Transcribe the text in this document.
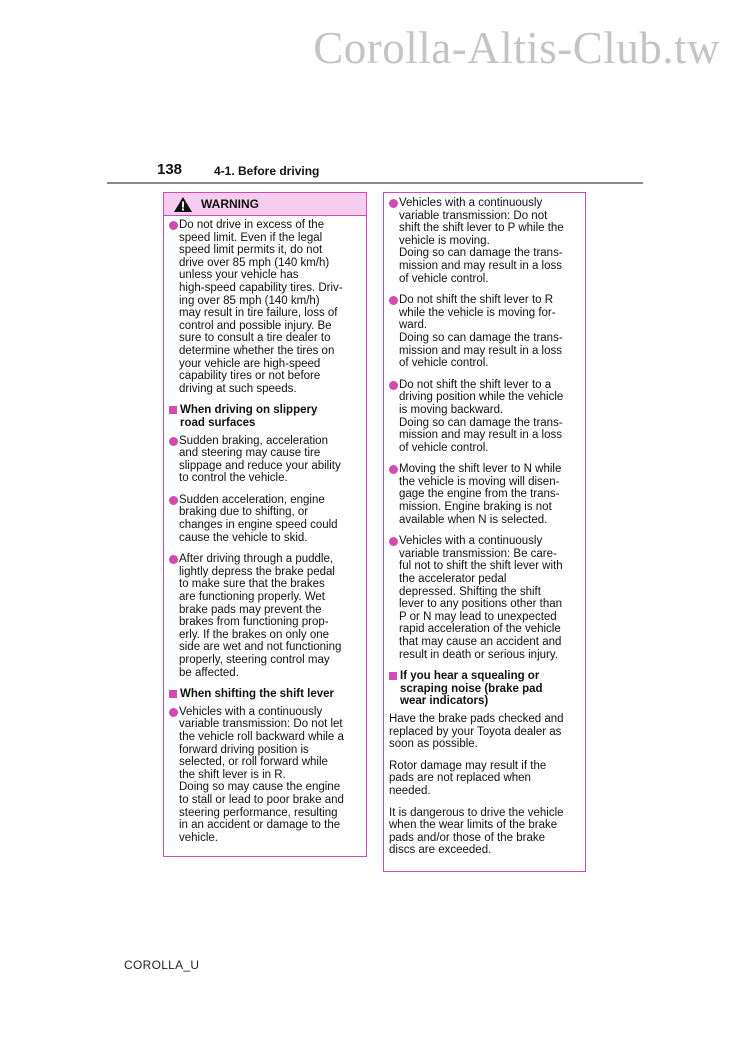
Corolla-Altis-Club.tw
138	4-1. Before driving
WARNING
Do not drive in excess of the
speed limit. Even if the legal
speed limit permits it, do not
drive over 85 mph (140 km/h)
unless your vehicle has
high-speed capability tires. Driv-
ing over 85 mph (140 km/h)
may result in tire failure, loss of
control and possible injury. Be
sure to consult a tire dealer to
determine whether the tires on
your vehicle are high-speed
capability tires or not before
driving at such speeds.
When driving on slippery
road surfaces
Sudden braking, acceleration
and steering may cause tire
slippage and reduce your ability
to control the vehicle.
Sudden acceleration, engine
braking due to shifting, or
changes in engine speed could
cause the vehicle to skid.
After driving through a puddle,
lightly depress the brake pedal
to make sure that the brakes
are functioning properly. Wet
brake pads may prevent the
brakes from functioning prop-
erly. If the brakes on only one
side are wet and not functioning
properly, steering control may
be affected.
When shifting the shift lever
Vehicles with a continuously
variable transmission: Do not let
the vehicle roll backward while a
forward driving position is
selected, or roll forward while
the shift lever is in R.
Doing so may cause the engine
to stall or lead to poor brake and
steering performance, resulting
in an accident or damage to the
vehicle.
Vehicles with a continuously
variable transmission: Do not
shift the shift lever to P while the
vehicle is moving.
Doing so can damage the trans-
mission and may result in a loss
of vehicle control.
Do not shift the shift lever to R
while the vehicle is moving for-
ward.
Doing so can damage the trans-
mission and may result in a loss
of vehicle control.
Do not shift the shift lever to a
driving position while the vehicle
is moving backward.
Doing so can damage the trans-
mission and may result in a loss
of vehicle control.
Moving the shift lever to N while
the vehicle is moving will disen-
gage the engine from the trans-
mission. Engine braking is not
available when N is selected.
Vehicles with a continuously
variable transmission: Be care-
ful not to shift the shift lever with
the accelerator pedal
depressed. Shifting the shift
lever to any positions other than
P or N may lead to unexpected
rapid acceleration of the vehicle
that may cause an accident and
result in death or serious injury.
If you hear a squealing or
scraping noise (brake pad
wear indicators)
Have the brake pads checked and
replaced by your Toyota dealer as
soon as possible.
Rotor damage may result if the
pads are not replaced when
needed.
It is dangerous to drive the vehicle
when the wear limits of the brake
pads and/or those of the brake
discs are exceeded.
COROLLA_U
